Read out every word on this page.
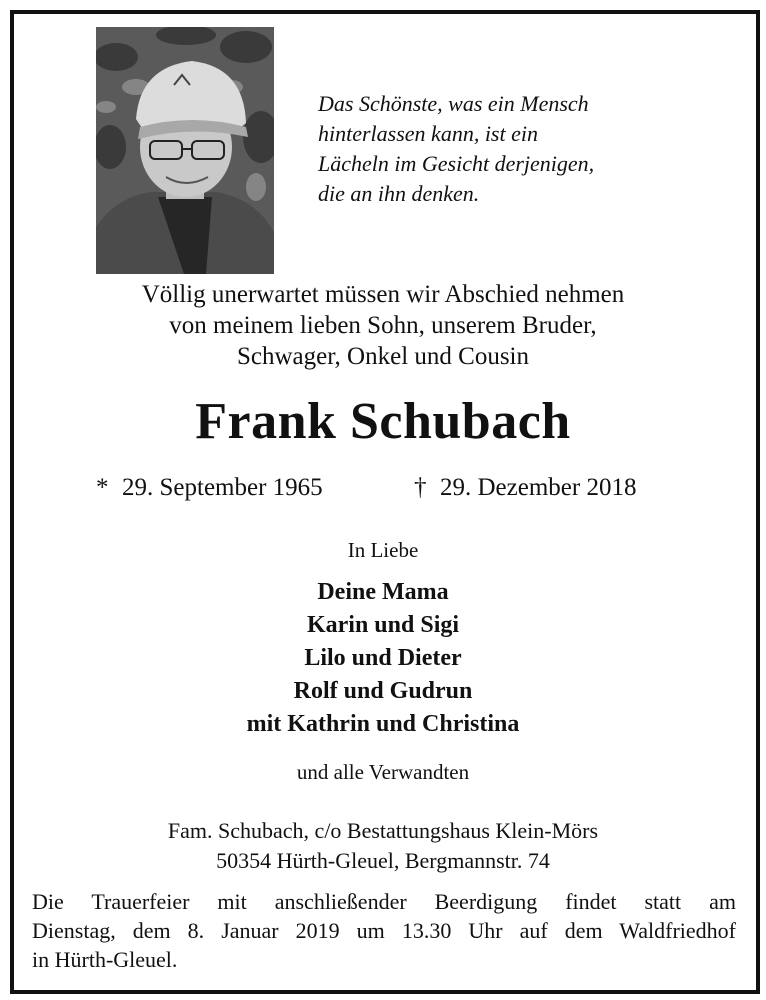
Das Schönste, was ein Mensch
hinterlassen kann, ist ein
Lächeln im Gesicht derjenigen,
die an ihn denken.
Völlig unerwartet müssen wir Abschied nehmen
von meinem lieben Sohn, unserem Bruder,
Schwager, Onkel und Cousin
Frank Schubach
* 29. September 1965	† 29. Dezember 2018
In Liebe
Deine Mama
Karin und Sigi
Lilo und Dieter
Rolf und Gudrun
mit Kathrin und Christina
und alle Verwandten
Fam. Schubach, c/o Bestattungshaus Klein-Mörs
50354 Hürth-Gleuel, Bergmannstr. 74
Die Trauerfeier mit anschließender Beerdigung findet statt am
Dienstag, dem 8. Januar 2019 um 13.30 Uhr auf dem Waldfriedhof
in Hürth-Gleuel.
